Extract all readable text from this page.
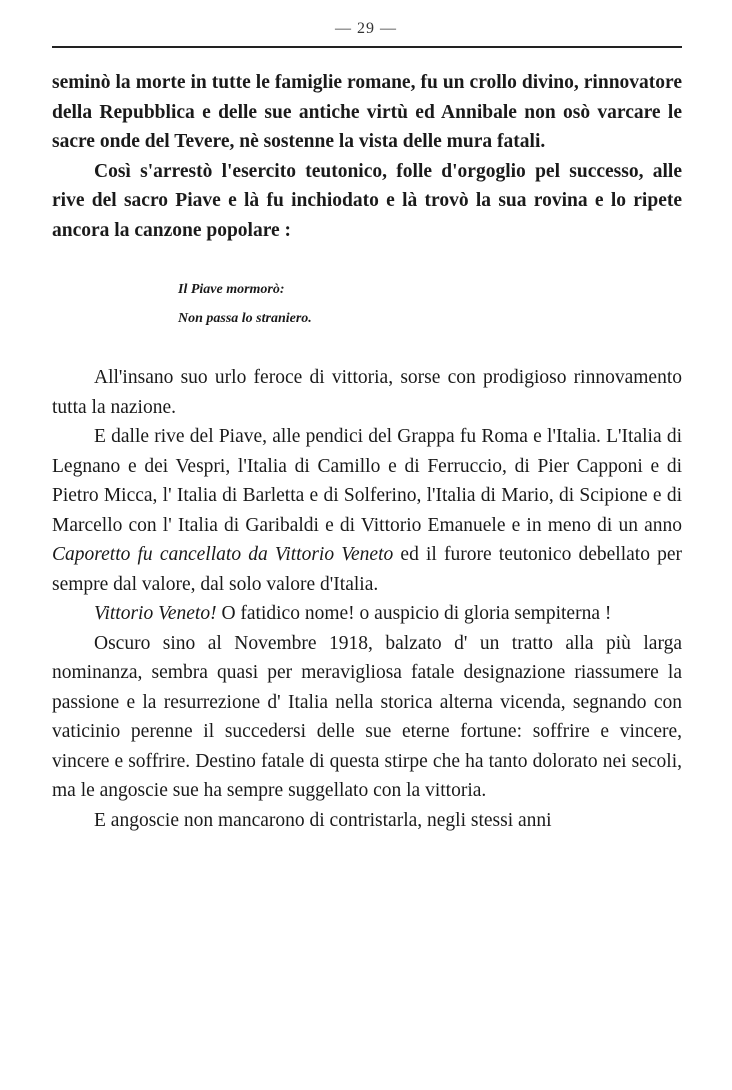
— 29 —

seminò la morte in tutte le famiglie romane, fu un crollo divino, rinnovatore della Repubblica e delle sue antiche virtù ed Annibale non osò varcare le sacre onde del Tevere, nè sostenne la vista delle mura fatali.

Così s'arrestò l'esercito teutonico, folle d'orgoglio pel successo, alle rive del sacro Piave e là fu inchiodato e là trovò la sua rovina e lo ripete ancora la canzone popolare :

Il Piave mormorò:
Non passa lo straniero.

All'insano suo urlo feroce di vittoria, sorse con prodigioso rinnovamento tutta la nazione.

E dalle rive del Piave, alle pendici del Grappa fu Roma e l'Italia. L'Italia di Legnano e dei Vespri, l'Italia di Camillo e di Ferruccio, di Pier Capponi e di Pietro Micca, l' Italia di Barletta e di Solferino, l'Italia di Mario, di Scipione e di Marcello con l' Italia di Garibaldi e di Vittorio Emanuele e in meno di un anno Caporetto fu cancellato da Vittorio Veneto ed il furore teutonico debellato per sempre dal valore, dal solo valore d'Italia.

Vittorio Veneto! O fatidico nome! o auspicio di gloria sempiterna !

Oscuro sino al Novembre 1918, balzato d' un tratto alla più larga nominanza, sembra quasi per meravigliosa fatale designazione riassumere la passione e la resurrezione d' Italia nella storica alterna vicenda, segnando con vaticinio perenne il succedersi delle sue eterne fortune: soffrire e vincere, vincere e soffrire. Destino fatale di questa stirpe che ha tanto dolorato nei secoli, ma le angoscie sue ha sempre suggellato con la vittoria.

E angoscie non mancarono di contristarla, negli stessi anni
